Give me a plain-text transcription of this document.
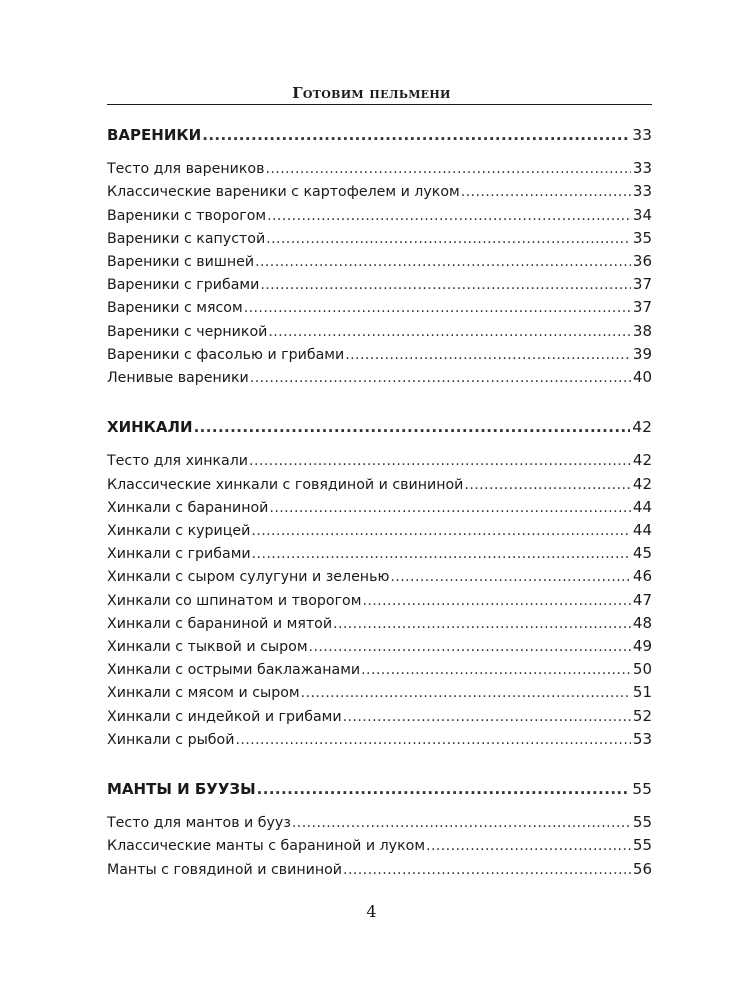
Готовим пельмени
ВАРЕНИКИ .....	33
Тесто для вареников .....	33
Классические вареники с картофелем и луком .....	33
Вареники с творогом .....	34
Вареники с капустой .....	35
Вареники с вишней .....	36
Вареники с грибами .....	37
Вареники с мясом .....	37
Вареники с черникой .....	38
Вареники с фасолью и грибами .....	39
Ленивые вареники .....	40
ХИНКАЛИ .....	42
Тесто для хинкали .....	42
Классические хинкали с говядиной и свининой .....	42
Хинкали с бараниной .....	44
Хинкали с курицей .....	44
Хинкали с грибами .....	45
Хинкали с сыром сулугуни и зеленью .....	46
Хинкали со шпинатом и творогом .....	47
Хинкали с бараниной и мятой .....	48
Хинкали с тыквой и сыром .....	49
Хинкали с острыми баклажанами .....	50
Хинкали с мясом и сыром .....	51
Хинкали с индейкой и грибами .....	52
Хинкали с рыбой .....	53
МАНТЫ И БУУЗЫ .....	55
Тесто для мантов и бууз .....	55
Классические манты с бараниной и луком .....	55
Манты с говядиной и свининой .....	56
4
